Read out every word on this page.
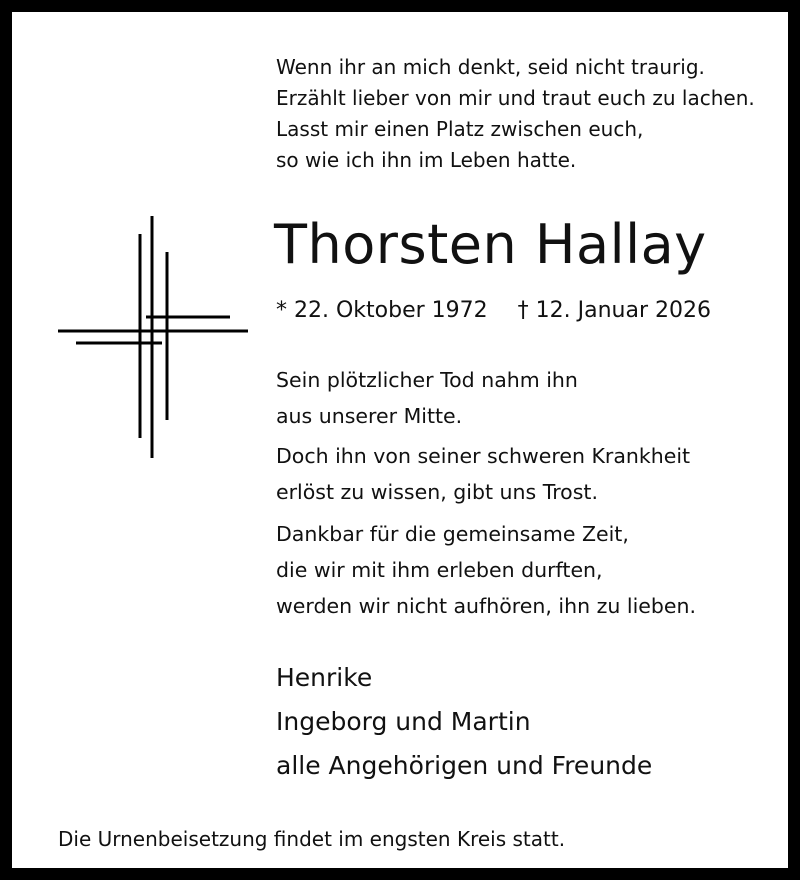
Wenn ihr an mich denkt, seid nicht traurig.
Erzählt lieber von mir und traut euch zu lachen.
Lasst mir einen Platz zwischen euch,
so wie ich ihn im Leben hatte.
Thorsten Hallay
* 22. Oktober 1972 † 12. Januar 2026
Sein plötzlicher Tod nahm ihn
aus unserer Mitte.
Doch ihn von seiner schweren Krankheit
erlöst zu wissen, gibt uns Trost.
Dankbar für die gemeinsame Zeit,
die wir mit ihm erleben durften,
werden wir nicht aufhören, ihn zu lieben.
Henrike
Ingeborg und Martin
alle Angehörigen und Freunde
Die Urnenbeisetzung findet im engsten Kreis statt.
